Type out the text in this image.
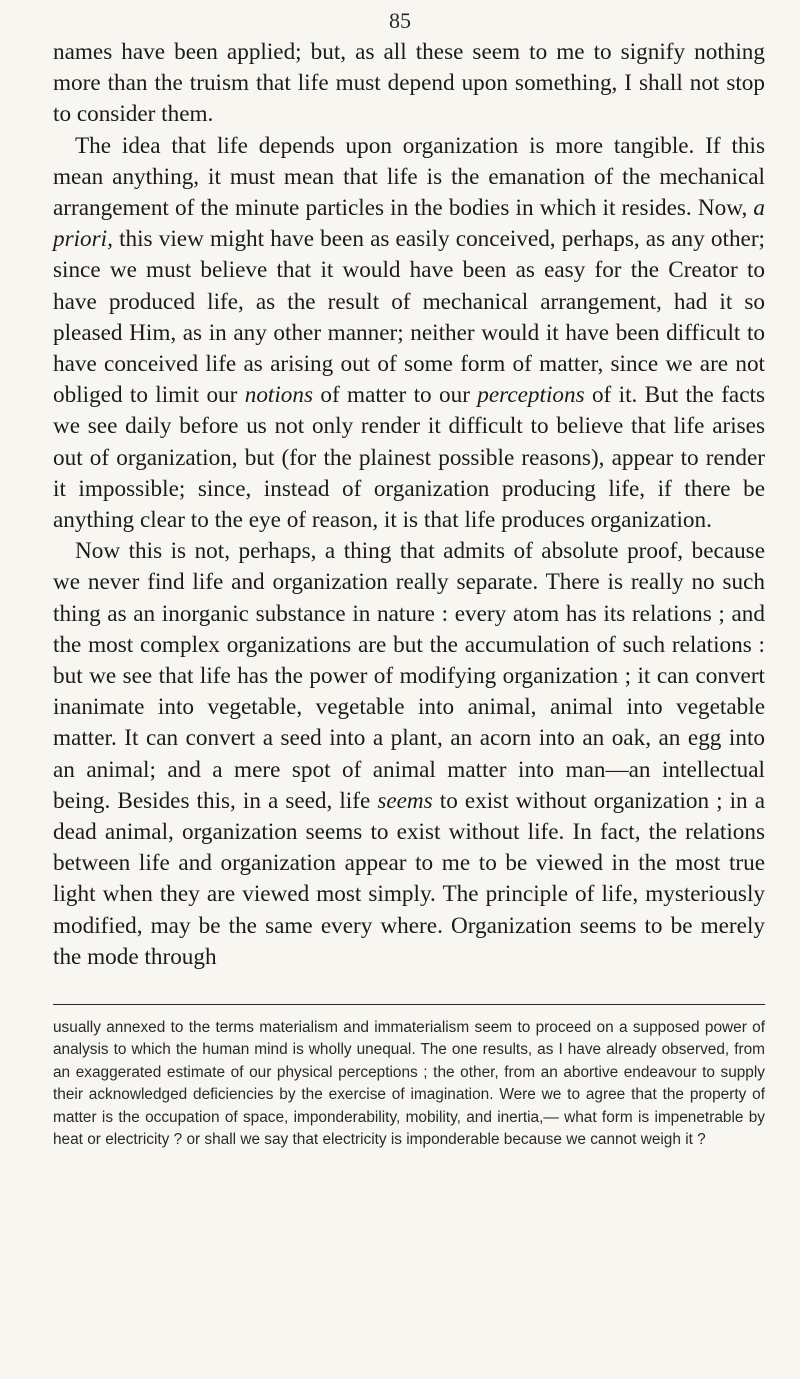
85

names have been applied; but, as all these seem to me to signify nothing more than the truism that life must depend upon something, I shall not stop to consider them.

The idea that life depends upon organization is more tangible. If this mean anything, it must mean that life is the emanation of the mechanical arrangement of the minute particles in the bodies in which it resides. Now, a priori, this view might have been as easily conceived, perhaps, as any other; since we must believe that it would have been as easy for the Creator to have produced life, as the result of mechanical arrangement, had it so pleased Him, as in any other manner; neither would it have been difficult to have conceived life as arising out of some form of matter, since we are not obliged to limit our notions of matter to our perceptions of it. But the facts we see daily before us not only render it difficult to believe that life arises out of organization, but (for the plainest possible reasons), appear to render it impossible; since, instead of organization producing life, if there be anything clear to the eye of reason, it is that life produces organization.

Now this is not, perhaps, a thing that admits of absolute proof, because we never find life and organization really separate. There is really no such thing as an inorganic substance in nature : every atom has its relations ; and the most complex organizations are but the accumulation of such relations : but we see that life has the power of modifying organization ; it can convert inanimate into vegetable, vegetable into animal, animal into vegetable matter. It can convert a seed into a plant, an acorn into an oak, an egg into an animal; and a mere spot of animal matter into man—an intellectual being. Besides this, in a seed, life seems to exist without organization ; in a dead animal, organization seems to exist without life. In fact, the relations between life and organization appear to me to be viewed in the most true light when they are viewed most simply. The principle of life, mysteriously modified, may be the same every where. Organization seems to be merely the mode through

usually annexed to the terms materialism and immaterialism seem to proceed on a supposed power of analysis to which the human mind is wholly unequal. The one results, as I have already observed, from an exaggerated estimate of our physical perceptions ; the other, from an abortive endeavour to supply their acknowledged deficiencies by the exercise of imagination. Were we to agree that the property of matter is the occupation of space, imponderability, mobility, and inertia,— what form is impenetrable by heat or electricity ? or shall we say that electricity is imponderable because we cannot weigh it ?
